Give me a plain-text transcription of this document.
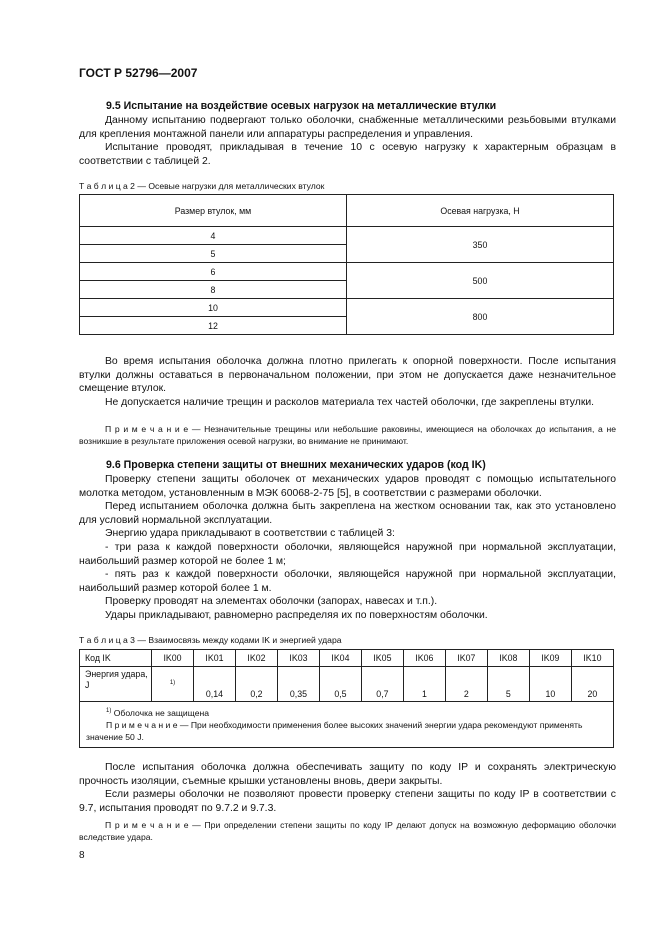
ГОСТ Р 52796—2007
9.5 Испытание на воздействие осевых нагрузок на металлические втулки

Данному испытанию подвергают только оболочки, снабженные металлическими резьбовыми втулками для крепления монтажной панели или аппаратуры распределения и управления.

Испытание проводят, прикладывая в течение 10 с осевую нагрузку к характерным образцам в соответствии с таблицей 2.

Т а б л и ц а 2 — Осевые нагрузки для металлических втулок
Размер втулок, мм	Осевая нагрузка, Н
4	350
5	
6	500
8	
10	800
12	

Во время испытания оболочка должна плотно прилегать к опорной поверхности. После испытания втулки должны оставаться в первоначальном положении, при этом не допускается даже незначительное смещение втулок.

Не допускается наличие трещин и расколов материала тех частей оболочки, где закреплены втулки.

П р и м е ч а н и е — Незначительные трещины или небольшие раковины, имеющиеся на оболочках до испытания, а не возникшие в результате приложения осевой нагрузки, во внимание не принимают.

9.6 Проверка степени защиты от внешних механических ударов (код IK)

Проверку степени защиты оболочек от механических ударов проводят с помощью испытательного молотка методом, установленным в МЭК 60068-2-75 [5], в соответствии с размерами оболочки.

Перед испытанием оболочка должна быть закреплена на жестком основании так, как это установлено для условий нормальной эксплуатации.

Энергию удара прикладывают в соответствии с таблицей 3:

- три раза к каждой поверхности оболочки, являющейся наружной при нормальной эксплуатации, наибольший размер которой не более 1 м;

- пять раз к каждой поверхности оболочки, являющейся наружной при нормальной эксплуатации, наибольший размер которой более 1 м.

Проверку проводят на элементах оболочки (запорах, навесах и т.п.).

Удары прикладывают, равномерно распределяя их по поверхностям оболочки.

Т а б л и ц а 3 — Взаимосвязь между кодами IK и энергией удара
Код IK	IK00	IK01	IK02	IK03	IK04	IK05	IK06	IK07	IK08	IK09	IK10
Энергия удара, J	1)	0,14	0,2	0,35	0,5	0,7	1	2	5	10	20

$^{1)}$ Оболочка не защищена
П р и м е ч а н и е — При необходимости применения более высоких значений энергии удара рекомендуют применять значение 50 J.											

После испытания оболочка должна обеспечивать защиту по коду IP и сохранять электрическую прочность изоляции, съемные крышки установлены вновь, двери закрыты.

Если размеры оболочки не позволяют провести проверку степени защиты по коду IP в соответствии с 9.7, испытания проводят по 9.7.2 и 9.7.3.

П р и м е ч а н и е — При определении степени защиты по коду IP делают допуск на возможную деформацию оболочки вследствие удара.

8
